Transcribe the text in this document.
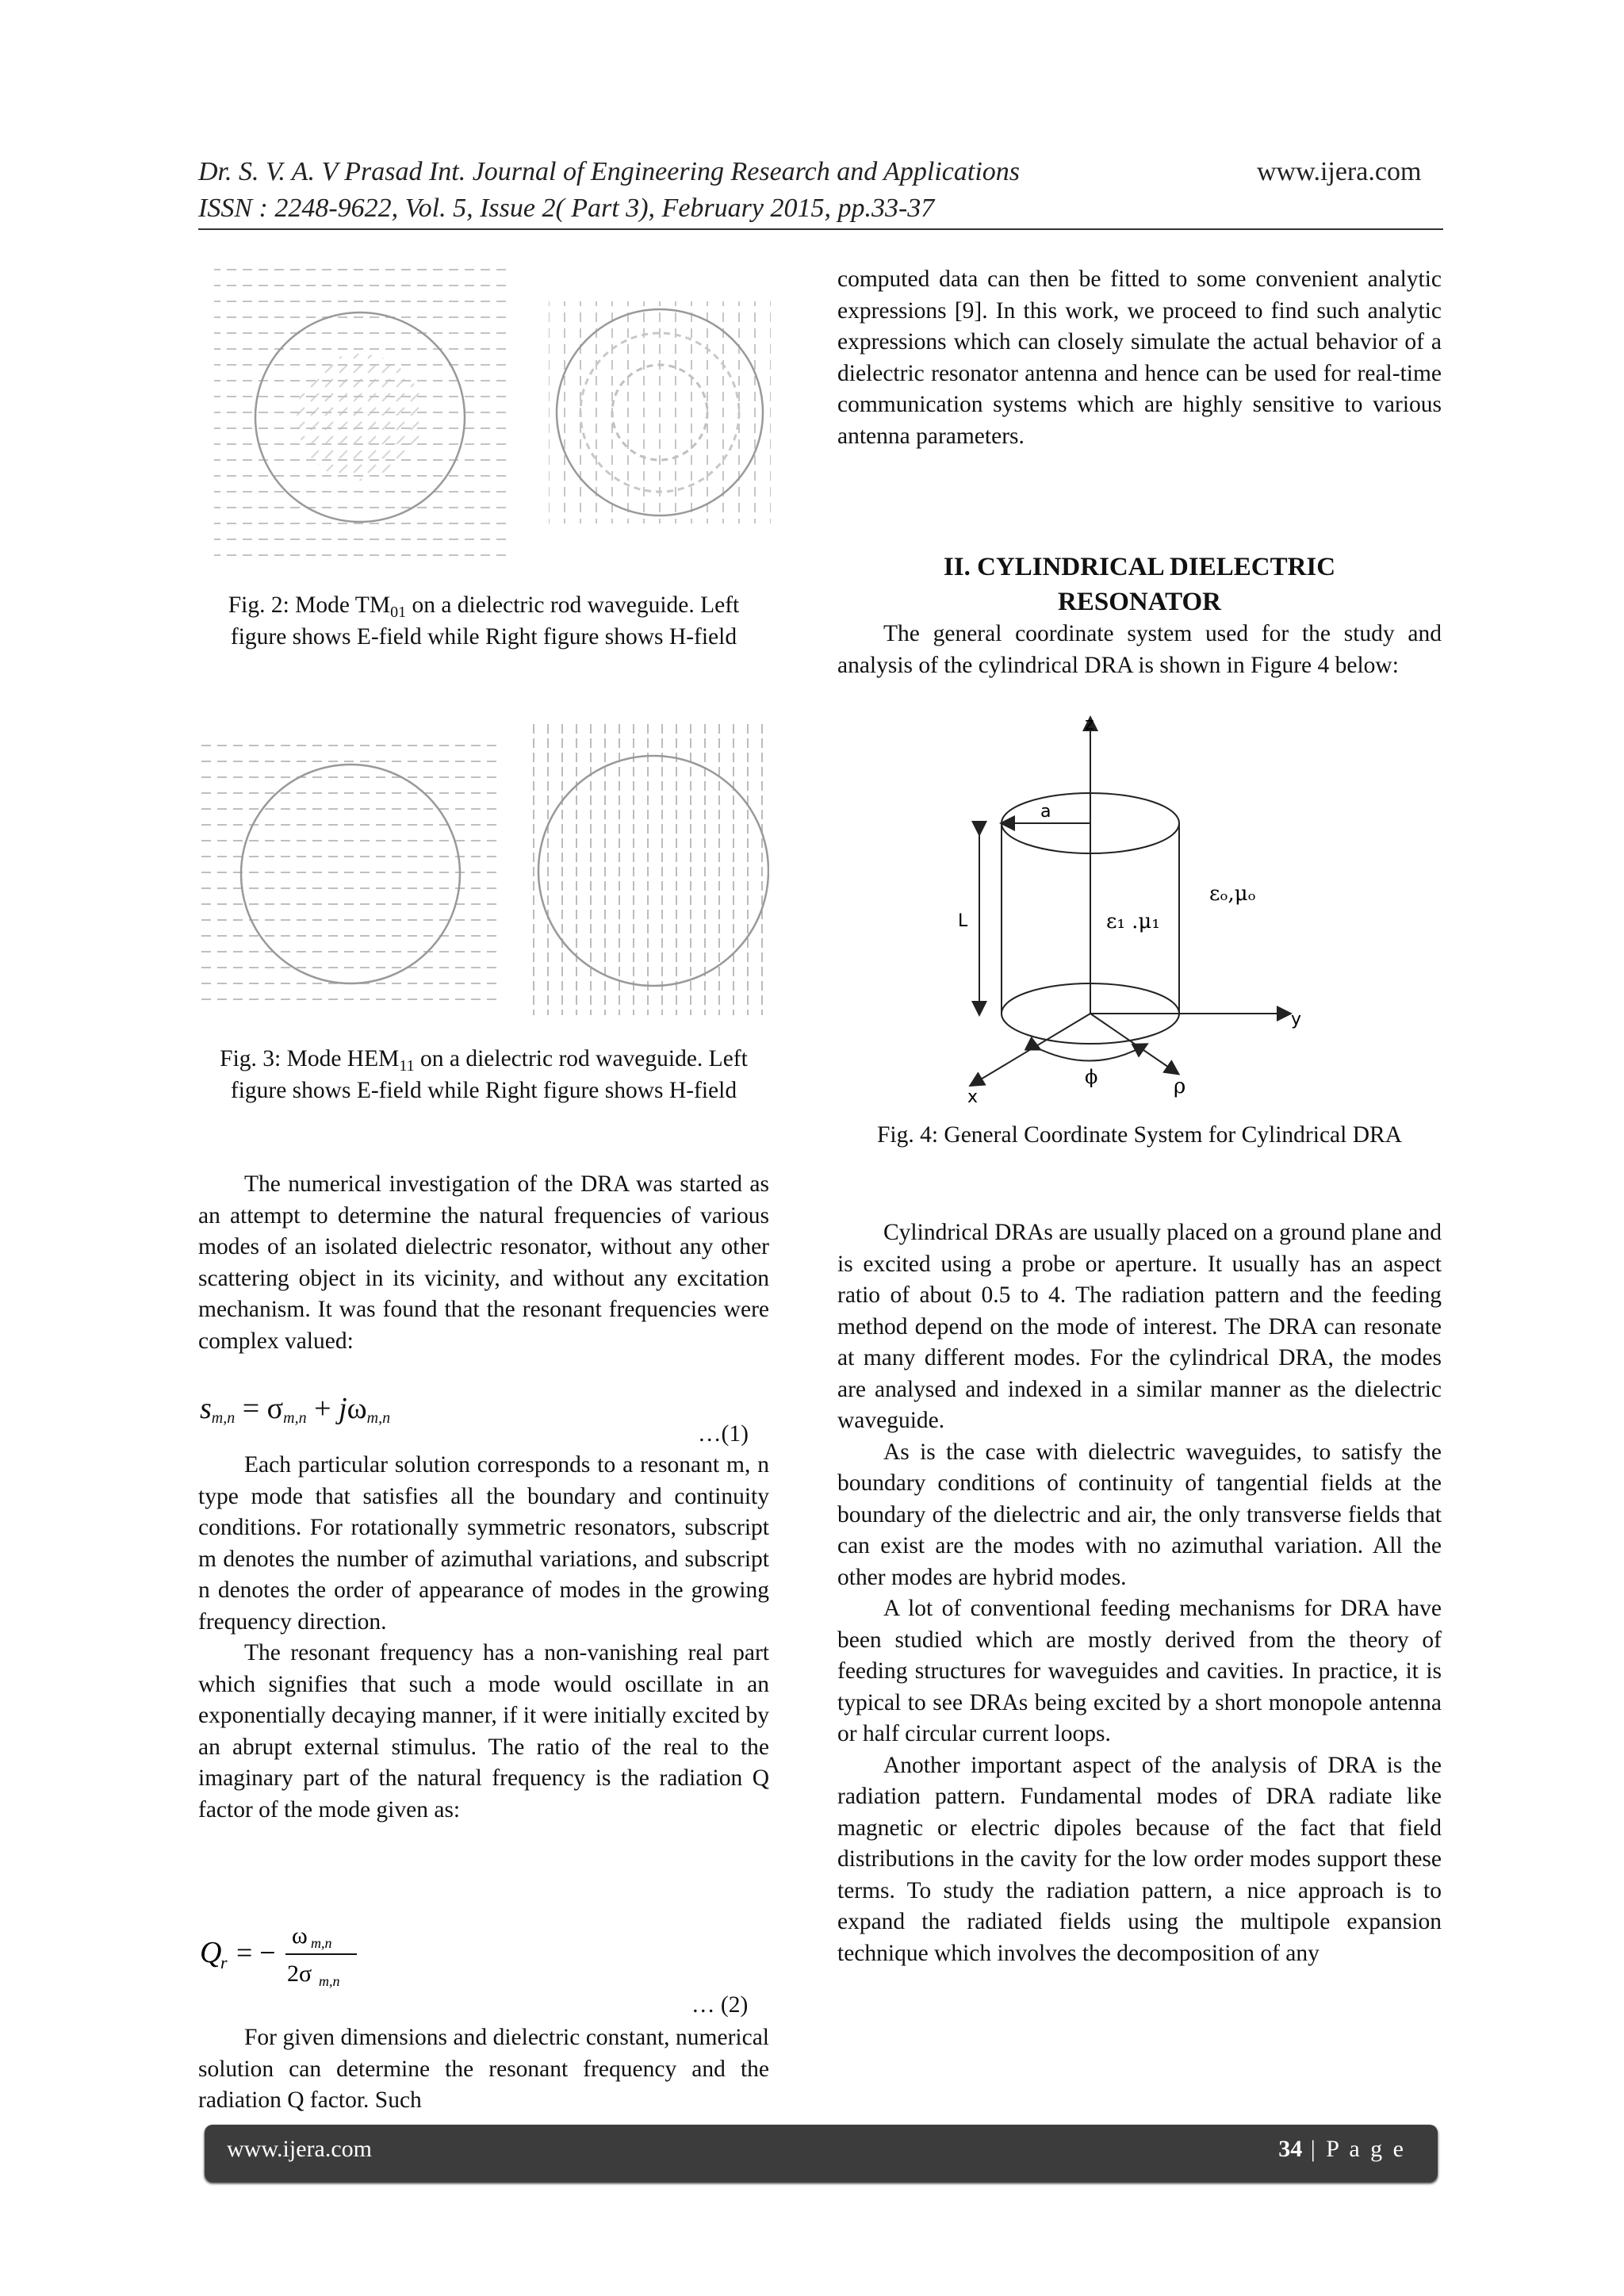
Dr. S. V. A. V Prasad Int. Journal of Engineering Research and Applications	www.ijera.com
ISSN : 2248-9622, Vol. 5, Issue 2( Part 3), February 2015, pp.33-37
Fig. 2: Mode $TM_{01}$ on a dielectric rod waveguide. Left figure shows E-field while Right figure shows H-field
Fig. 3: Mode $HEM_{11}$ on a dielectric rod waveguide. Left figure shows E-field while Right figure shows H-field

The numerical investigation of the DRA was started as an attempt to determine the natural frequencies of various modes of an isolated dielectric resonator, without any other scattering object in its vicinity, and without any excitation mechanism. It was found that the resonant frequencies were complex valued:

$s_{m,n} = \sigma_{m,n} + j\omega_{m,n}$
…(1)

Each particular solution corresponds to a resonant m, n type mode that satisfies all the boundary and continuity conditions. For rotationally symmetric resonators, subscript m denotes the number of azimuthal variations, and subscript n denotes the order of appearance of modes in the growing frequency direction.

The resonant frequency has a non-vanishing real part which signifies that such a mode would oscillate in an exponentially decaying manner, if it were initially excited by an abrupt external stimulus. The ratio of the real to the imaginary part of the natural frequency is the radiation Q factor of the mode given as:

Q
r = −
ω m,n
2σ m,n
… (2)

For given dimensions and dielectric constant, numerical solution can determine the resonant frequency and the radiation Q factor. Such

computed data can then be fitted to some convenient analytic expressions [9]. In this work, we proceed to find such analytic expressions which can closely simulate the actual behavior of a dielectric resonator antenna and hence can be used for real-time communication systems which are highly sensitive to various antenna parameters.

II. CYLINDRICAL DIELECTRIC
RESONATOR

The general coordinate system used for the study and analysis of the cylindrical DRA is shown in Figure 4 below:

z
y
x	ρ
ϕ
a
L	ε₁ .μ₁
εₒ,μₒ
Fig. 4: General Coordinate System for Cylindrical DRA

Cylindrical DRAs are usually placed on a ground plane and is excited using a probe or aperture. It usually has an aspect ratio of about 0.5 to 4. The radiation pattern and the feeding method depend on the mode of interest. The DRA can resonate at many different modes. For the cylindrical DRA, the modes are analysed and indexed in a similar manner as the dielectric waveguide.

As is the case with dielectric waveguides, to satisfy the boundary conditions of continuity of tangential fields at the boundary of the dielectric and air, the only transverse fields that can exist are the modes with no azimuthal variation. All the other modes are hybrid modes.

A lot of conventional feeding mechanisms for DRA have been studied which are mostly derived from the theory of feeding structures for waveguides and cavities. In practice, it is typical to see DRAs being excited by a short monopole antenna or half circular current loops.

Another important aspect of the analysis of DRA is the radiation pattern. Fundamental modes of DRA radiate like magnetic or electric dipoles because of the fact that field distributions in the cavity for the low order modes support these terms. To study the radiation pattern, a nice approach is to expand the radiated fields using the multipole expansion technique which involves the decomposition of any

www.ijera.com	34 | P a g e
